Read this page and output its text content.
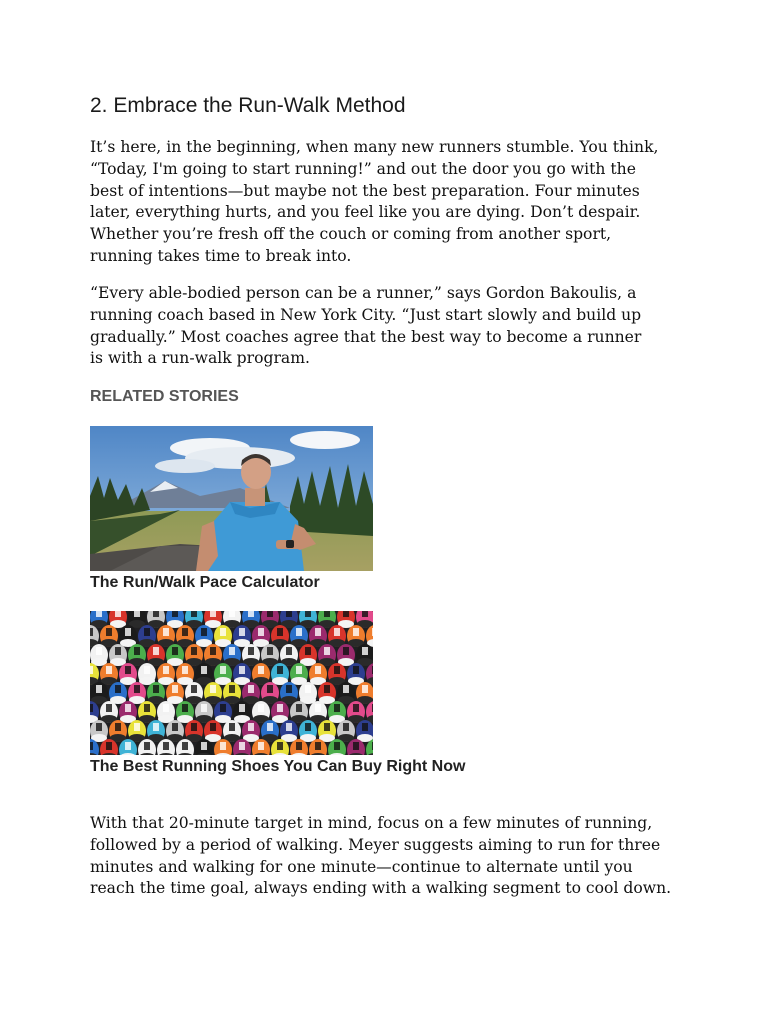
2. Embrace the Run-Walk Method

It’s here, in the beginning, when many new runners stumble. You think,
“Today, I'm going to start running!” and out the door you go with the
best of intentions—but maybe not the best preparation. Four minutes
later, everything hurts, and you feel like you are dying. Don’t despair.
Whether you’re fresh off the couch or coming from another sport,
running takes time to break into.

“Every able-bodied person can be a runner,” says Gordon Bakoulis, a
running coach based in New York City. “Just start slowly and build up
gradually.” Most coaches agree that the best way to become a runner
is with a run-walk program.

RELATED STORIES
The Run/Walk Pace Calculator
The Best Running Shoes You Can Buy Right Now

With that 20-minute target in mind, focus on a few minutes of running,
followed by a period of walking. Meyer suggests aiming to run for three
minutes and walking for one minute—continue to alternate until you
reach the time goal, always ending with a walking segment to cool down.
